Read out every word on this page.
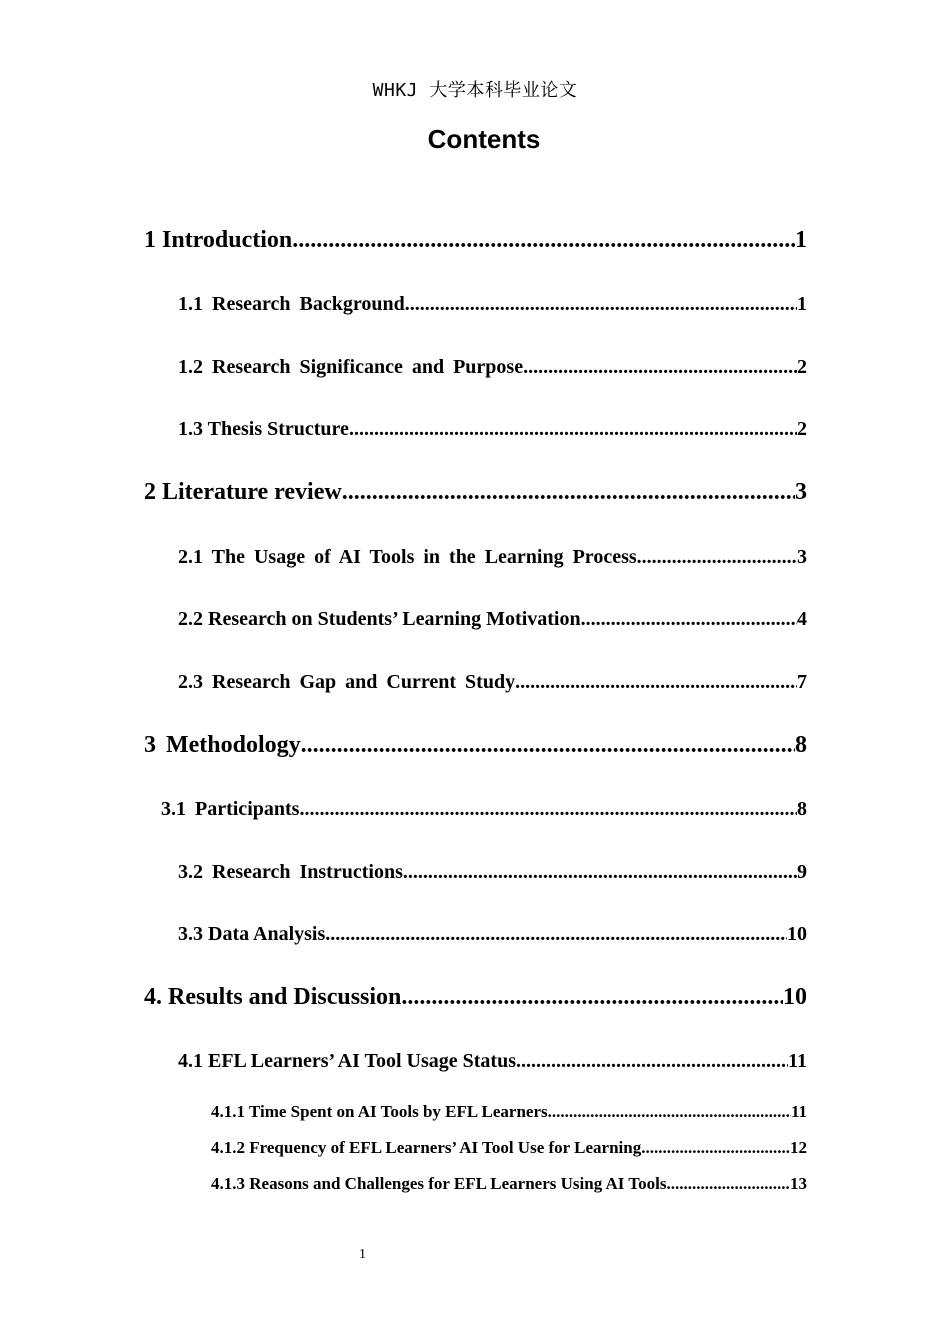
WHKJ 大学本科毕业论文
Contents
1 Introduction .....	1
1.1 Research Background .....	1
1.2 Research Significance and Purpose .....	2
1.3 Thesis Structure .....	2
2 Literature review .....	3
2.1 The Usage of AI Tools in the Learning Process .....	3
2.2 Research on Students’ Learning Motivation .....	4
2.3 Research Gap and Current Study .....	7
3 Methodology .....	8
3.1 Participants .....	8
3.2 Research Instructions .....	9
3.3 Data Analysis .....	10
4. Results and Discussion .....	10
4.1 EFL Learners’ AI Tool Usage Status .....	11
4.1.1 Time Spent on AI Tools by EFL Learners .....	11
4.1.2 Frequency of EFL Learners’ AI Tool Use for Learning .....	12
4.1.3 Reasons and Challenges for EFL Learners Using AI Tools .....	13
1
